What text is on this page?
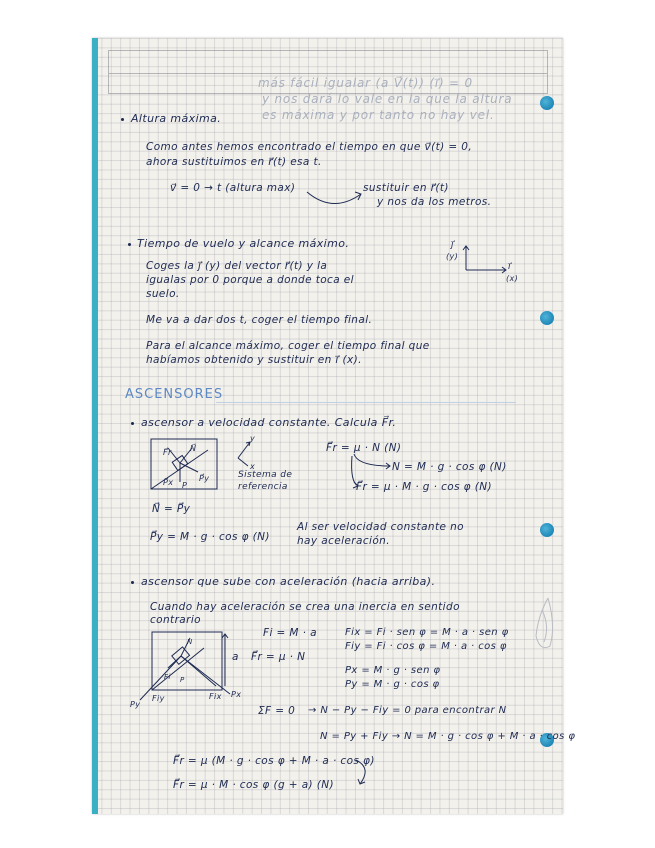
más fácil igualar (a V⃗(t)) (i⃗) = 0
y nos dará lo vale en la que la altura
es máxima y por tanto no hay vel.
Altura máxima.
Como antes hemos encontrado el tiempo en que v⃗(t) = 0,
ahora sustituimos en r⃗(t) esa t.
v⃗ = 0 → t (altura max)	sustituir en r⃗(t)
y nos da los metros.
Tiempo de vuelo y alcance máximo.
Coges la j⃗ (y) del vector r⃗(t) y la
igualas por 0 porque a donde toca el
suelo.
Me va a dar dos t, coger el tiempo final.
Para el alcance máximo, coger el tiempo final que
habíamos obtenido y sustituir en i⃗ (x).
j⃗
(y)
i⃗
(x)
ASCENSORES
ascensor a velocidad constante. Calcula F⃗r.
F⃗r N⃗
P⃗x P
P⃗y
y
x
Sistema de
referencia
F⃗r = μ · N (N)
N = M · g · cos φ (N)
F⃗r = μ · M · g · cos φ (N)
N⃗ = P⃗y
P⃗y = M · g · cos φ (N)
Al ser velocidad constante no
hay aceleración.
ascensor que sube con aceleración (hacia arriba).
Cuando hay aceleración se crea una inercia en sentido
contrario
N
Fi P
Py
Fiy	Fix Px
a
Fi = M · a
F⃗r = μ · N
Fix = Fi · sen φ = M · a · sen φ
Fiy = Fi · cos φ = M · a · cos φ
Px = M · g · sen φ
Py = M · g · cos φ
ΣF = 0 → N − Py − Fiy = 0 para encontrar N
N = Py + Fiy → N = M · g · cos φ + M · a · cos φ
F⃗r = μ (M · g · cos φ + M · a · cos φ)
F⃗r = μ · M · cos φ (g + a) (N)
